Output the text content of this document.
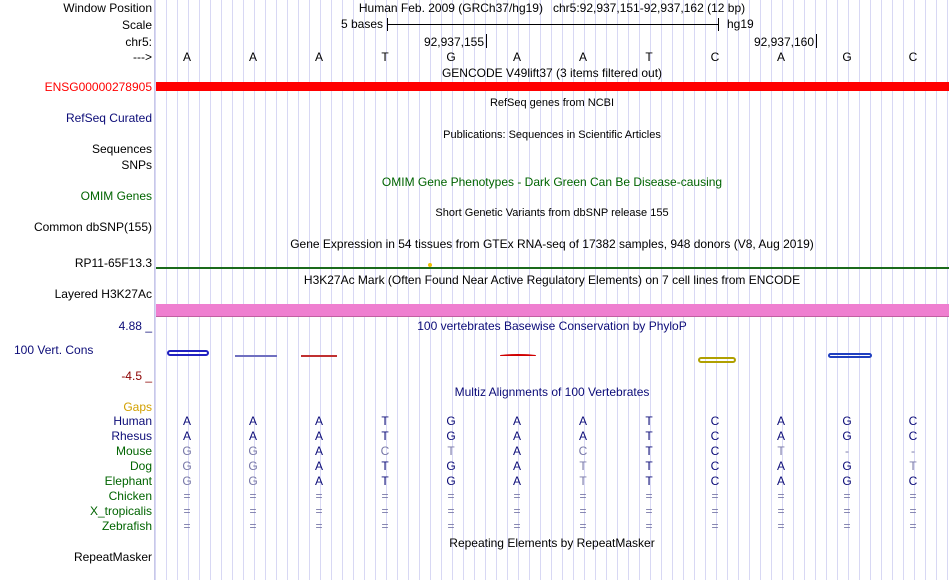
Window Position	Human Feb. 2009 (GRCh37/hg19)   chr5:92,937,151-92,937,162 (12 bp)
Scale	5 bases	hg19
chr5:	92,937,155	92,937,160
--->	A	A	A	T	G	A	A	T	C	A	G	C
GENCODE V49lift37 (3 items filtered out)
ENSG00000278905
RefSeq genes from NCBI
RefSeq Curated
Publications: Sequences in Scientific Articles
Sequences
SNPs
OMIM Gene Phenotypes - Dark Green Can Be Disease-causing
OMIM Genes
Short Genetic Variants from dbSNP release 155
Common dbSNP(155)
Gene Expression in 54 tissues from GTEx RNA-seq of 17382 samples, 948 donors (V8, Aug 2019)
RP11-65F13.3
H3K27Ac Mark (Often Found Near Active Regulatory Elements) on 7 cell lines from ENCODE
Layered H3K27Ac
100 vertebrates Basewise Conservation by PhyloP
4.88 _
100 Vert. Cons
-4.5 _
Multiz Alignments of 100 Vertebrates
Gaps
Human	A	A	A	T	G	A	A	T	C	A	G	C
Rhesus	A	A	A	T	G	A	A	T	C	A	G	C
Mouse	G	G	A	C	T	A	C	T	C	T	-	-
Dog	G	G	A	T	G	A	T	T	C	A	G	T
Elephant	G	G	A	T	G	A	T	T	C	A	G	C
Chicken	=	=	=	=	=	=	=	=	=	=	=	=
X_tropicalis	=	=	=	=	=	=	=	=	=	=	=	=
Zebrafish	=	=	=	=	=	=	=	=	=	=	=	=
Repeating Elements by RepeatMasker
RepeatMasker
